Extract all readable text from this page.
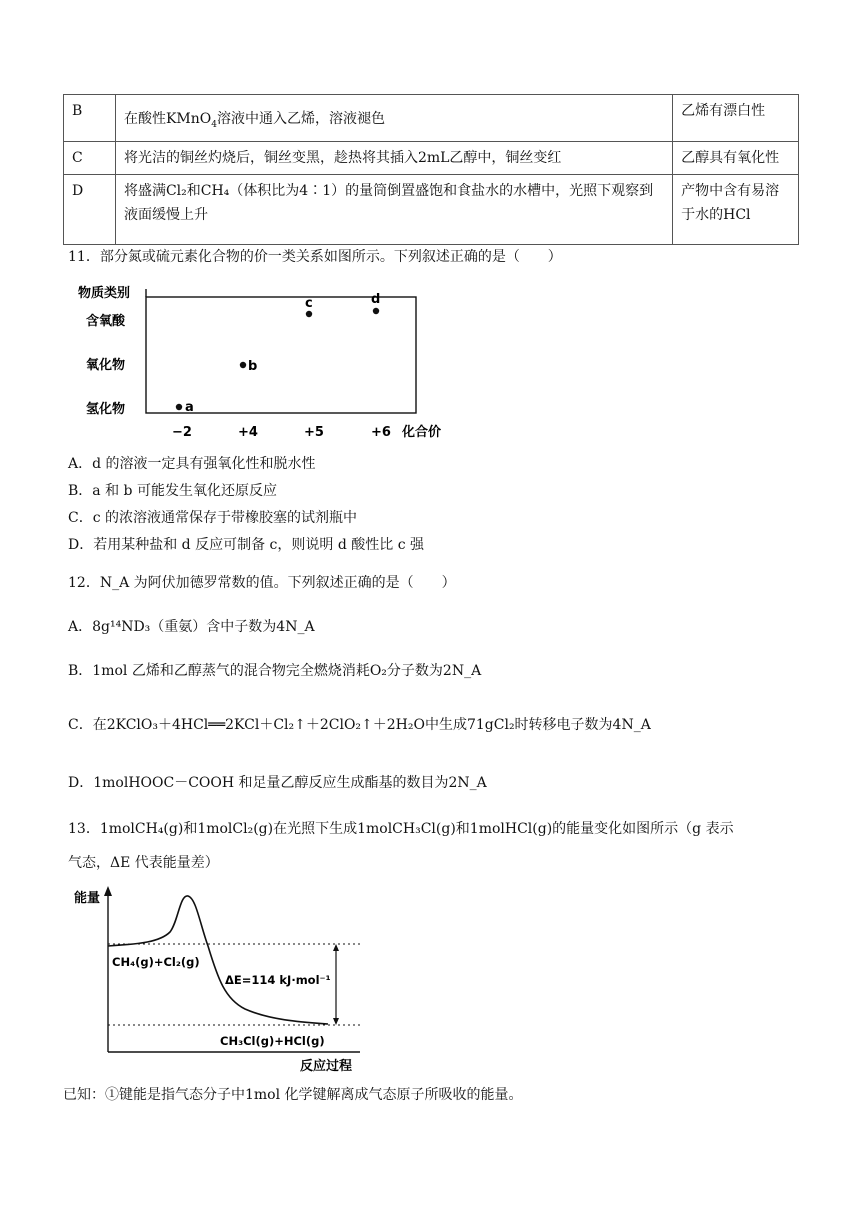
B	在酸性KMnO$_4$溶液中通入乙烯，溶液褪色	乙烯有漂白性
C	将光洁的铜丝灼烧后，铜丝变黑，趁热将其插入2mL乙醇中，铜丝变红	乙醇具有氧化性
D	将盛满Cl₂和CH₄（体积比为4∶1）的量筒倒置盛饱和食盐水的水槽中，光照下观察到液面缓慢上升	产物中含有易溶于水的HCl
11．部分氮或硫元素化合物的价一类关系如图所示。下列叙述正确的是（　　）
物质类别
含氧酸
氧化物
氢化物
−2	+4	+5	+6 化合价
a
b
c	d
A．d 的溶液一定具有强氧化性和脱水性
B．a 和 b 可能发生氧化还原反应
C．c 的浓溶液通常保存于带橡胶塞的试剂瓶中
D．若用某种盐和 d 反应可制备 c，则说明 d 酸性比 c 强
12．N_A 为阿伏加德罗常数的值。下列叙述正确的是（　　）
A．8g¹⁴ND₃（重氨）含中子数为4N_A
B．1mol 乙烯和乙醇蒸气的混合物完全燃烧消耗O₂分子数为2N_A
C．在2KClO₃＋4HCl══2KCl＋Cl₂↑＋2ClO₂↑＋2H₂O中生成71gCl₂时转移电子数为4N_A
D．1molHOOC－COOH 和足量乙醇反应生成酯基的数目为2N_A
13．1molCH₄(g)和1molCl₂(g)在光照下生成1molCH₃Cl(g)和1molHCl(g)的能量变化如图所示（g 表示
气态，ΔE 代表能量差）
能量
反应过程
CH₄(g)+Cl₂(g)
ΔE=114 kJ·mol⁻¹
CH₃Cl(g)+HCl(g)
已知：①键能是指气态分子中1mol 化学键解离成气态原子所吸收的能量。
